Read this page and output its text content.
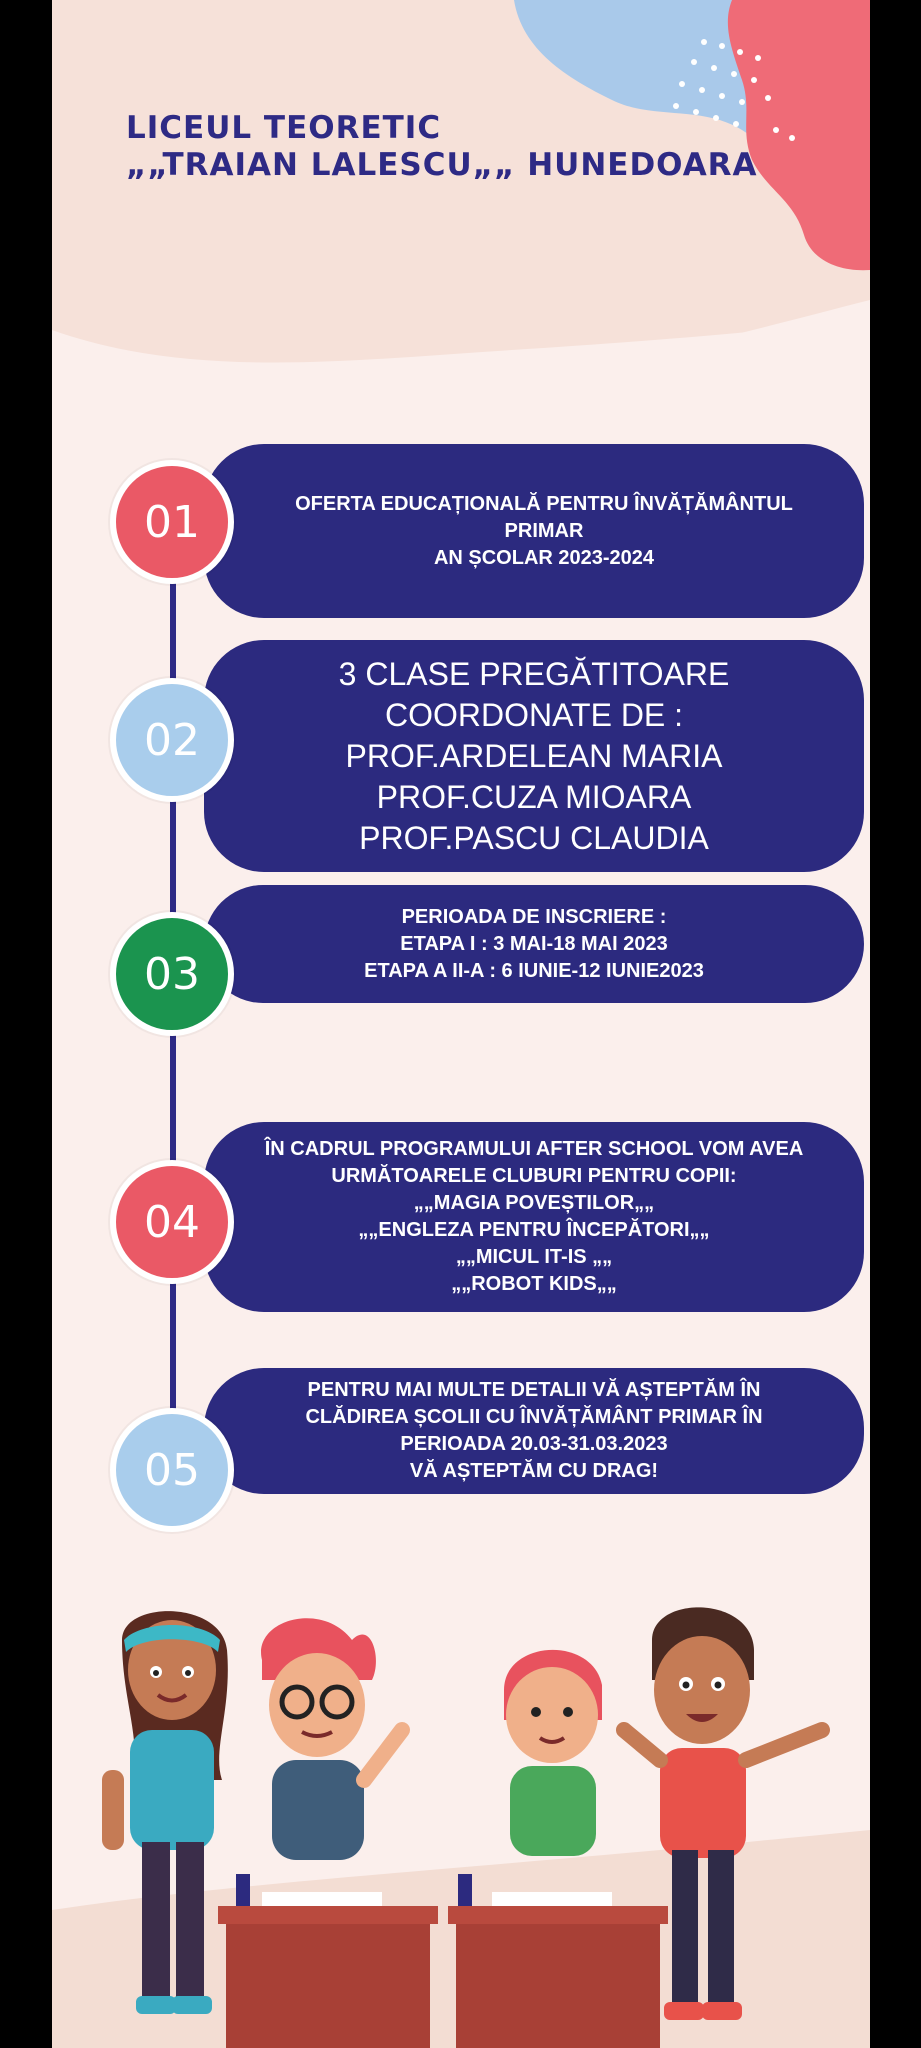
LICEUL TEORETIC
„„TRAIAN LALESCU„„ HUNEDOARA
OFERTA EDUCAȚIONALĂ PENTRU ÎNVĂȚĂMÂNTUL
PRIMAR
AN ȘCOLAR 2023-2024
3 CLASE PREGĂTITOARE
COORDONATE DE :
PROF.ARDELEAN MARIA
PROF.CUZA MIOARA
PROF.PASCU CLAUDIA
PERIOADA DE INSCRIERE :
ETAPA I : 3 MAI-18 MAI 2023
ETAPA A II-A : 6 IUNIE-12 IUNIE2023
ÎN CADRUL PROGRAMULUI AFTER SCHOOL VOM AVEA
URMĂTOARELE CLUBURI PENTRU COPII:
„„MAGIA POVEȘTILOR„„
„„ENGLEZA PENTRU ÎNCEPĂTORI„„
„„MICUL IT-IS „„
„„ROBOT KIDS„„
PENTRU MAI MULTE DETALII VĂ AȘTEPTĂM ÎN
CLĂDIREA ȘCOLII CU ÎNVĂȚĂMÂNT PRIMAR ÎN
PERIOADA 20.03-31.03.2023
VĂ AȘTEPTĂM CU DRAG!
01
02
03
04
05
